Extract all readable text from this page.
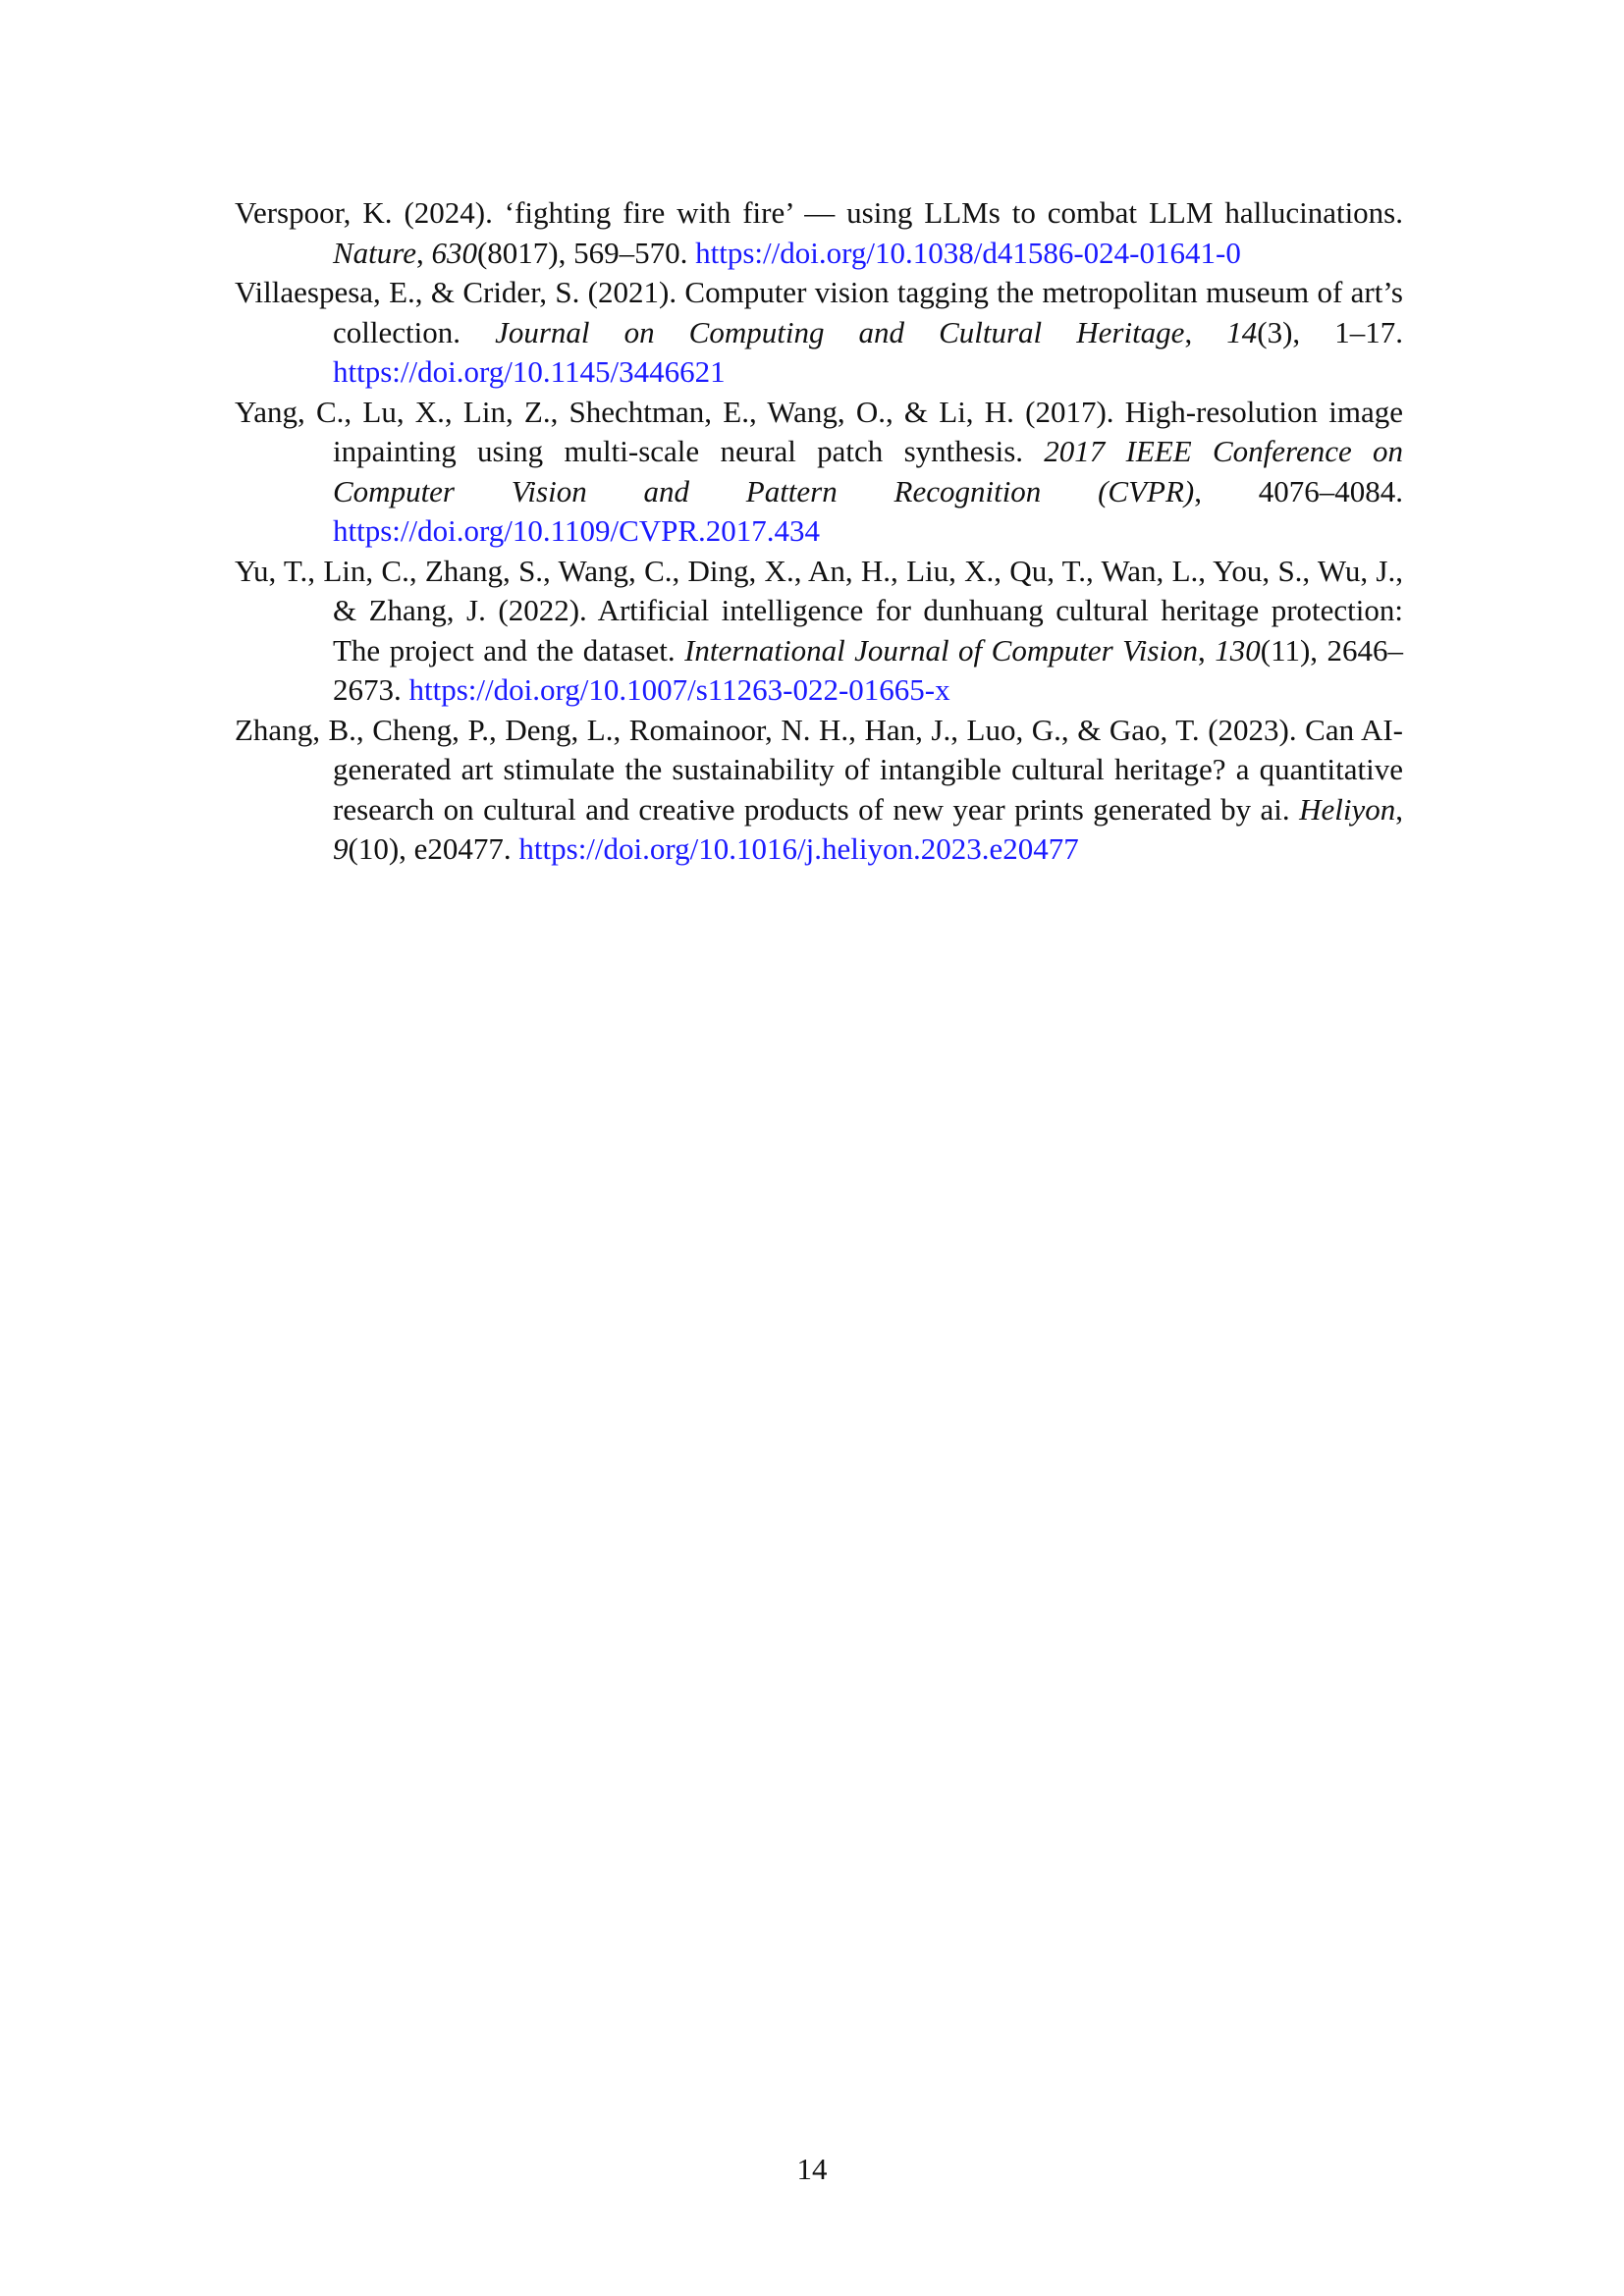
Verspoor, K. (2024). ‘fighting fire with fire’ — using LLMs to combat LLM hallucinations. Nature, 630(8017), 569–570. https://doi.org/10.1038/d41586-024-01641-0

Villaespesa, E., & Crider, S. (2021). Computer vision tagging the metropolitan museum of art’s collection. Journal on Computing and Cultural Heritage, 14(3), 1–17. https://doi.org/10.1145/3446621

Yang, C., Lu, X., Lin, Z., Shechtman, E., Wang, O., & Li, H. (2017). High-resolution image inpainting using multi-scale neural patch synthesis. 2017 IEEE Conference on Computer Vision and Pattern Recognition (CVPR), 4076–4084. https://doi.org/10.1109/CVPR.2017.434

Yu, T., Lin, C., Zhang, S., Wang, C., Ding, X., An, H., Liu, X., Qu, T., Wan, L., You, S., Wu, J., & Zhang, J. (2022). Artificial intelligence for dunhuang cultural heritage protection: The project and the dataset. International Journal of Computer Vision, 130(11), 2646–2673. https://doi.org/10.1007/s11263-022-01665-x

Zhang, B., Cheng, P., Deng, L., Romainoor, N. H., Han, J., Luo, G., & Gao, T. (2023). Can AI-generated art stimulate the sustainability of intangible cultural heritage? a quantitative research on cultural and creative products of new year prints generated by ai. Heliyon, 9(10), e20477. https://doi.org/10.1016/j.heliyon.2023.e20477

14
